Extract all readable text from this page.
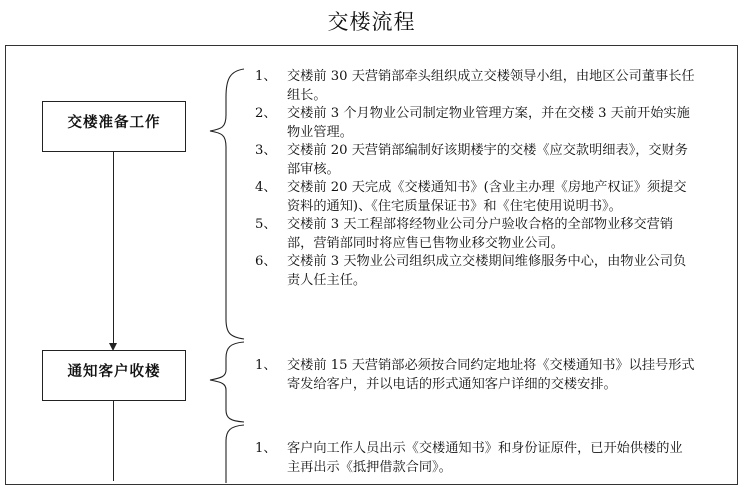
交楼流程
交楼准备工作
通知客户收楼
1、 交楼前 30 天营销部牵头组织成立交楼领导小组，由地区公司董事长任组长。
2、 交楼前 3 个月物业公司制定物业管理方案，并在交楼 3 天前开始实施物业管理。
3、 交楼前 20 天营销部编制好该期楼宇的交楼《应交款明细表》，交财务部审核。
4、 交楼前 20 天完成《交楼通知书》(含业主办理《房地产权证》须提交资料的通知)、《住宅质量保证书》和《住宅使用说明书》。
5、 交楼前 3 天工程部将经物业公司分户验收合格的全部物业移交营销部，营销部同时将应售已售物业移交物业公司。
6、 交楼前 3 天物业公司组织成立交楼期间维修服务中心，由物业公司负责人任主任。
1、 交楼前 15 天营销部必须按合同约定地址将《交楼通知书》以挂号形式寄发给客户，并以电话的形式通知客户详细的交楼安排。
1、 客户向工作人员出示《交楼通知书》和身份证原件，已开始供楼的业主再出示《抵押借款合同》。
